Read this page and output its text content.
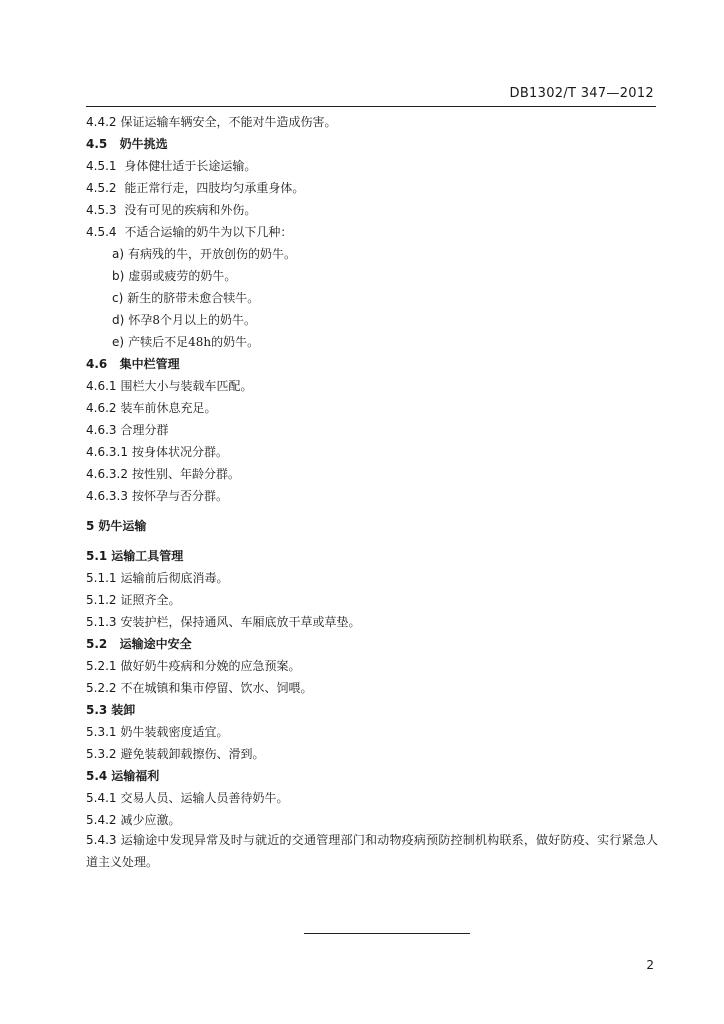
DB1302/T 347—2012
4.4.2 保证运输车辆安全，不能对牛造成伤害。
4.5 奶牛挑选
4.5.1 身体健壮适于长途运输。
4.5.2 能正常行走，四肢均匀承重身体。
4.5.3 没有可见的疾病和外伤。
4.5.4 不适合运输的奶牛为以下几种：
a) 有病残的牛，开放创伤的奶牛。
b) 虚弱或疲劳的奶牛。
c) 新生的脐带未愈合犊牛。
d) 怀孕8个月以上的奶牛。
e) 产犊后不足48h的奶牛。
4.6 集中栏管理
4.6.1 围栏大小与装载车匹配。
4.6.2 装车前休息充足。
4.6.3 合理分群
4.6.3.1 按身体状况分群。
4.6.3.2 按性别、年龄分群。
4.6.3.3 按怀孕与否分群。
5 奶牛运输
5.1 运输工具管理
5.1.1 运输前后彻底消毒。
5.1.2 证照齐全。
5.1.3 安装护栏，保持通风、车厢底放干草或草垫。
5.2 运输途中安全
5.2.1 做好奶牛疫病和分娩的应急预案。
5.2.2 不在城镇和集市停留、饮水、饲喂。
5.3 装卸
5.3.1 奶牛装载密度适宜。
5.3.2 避免装载卸载擦伤、滑到。
5.4 运输福利
5.4.1 交易人员、运输人员善待奶牛。
5.4.2 减少应激。
5.4.3 运输途中发现异常及时与就近的交通管理部门和动物疫病预防控制机构联系，做好防疫、实行紧急人道主义处理。
2
